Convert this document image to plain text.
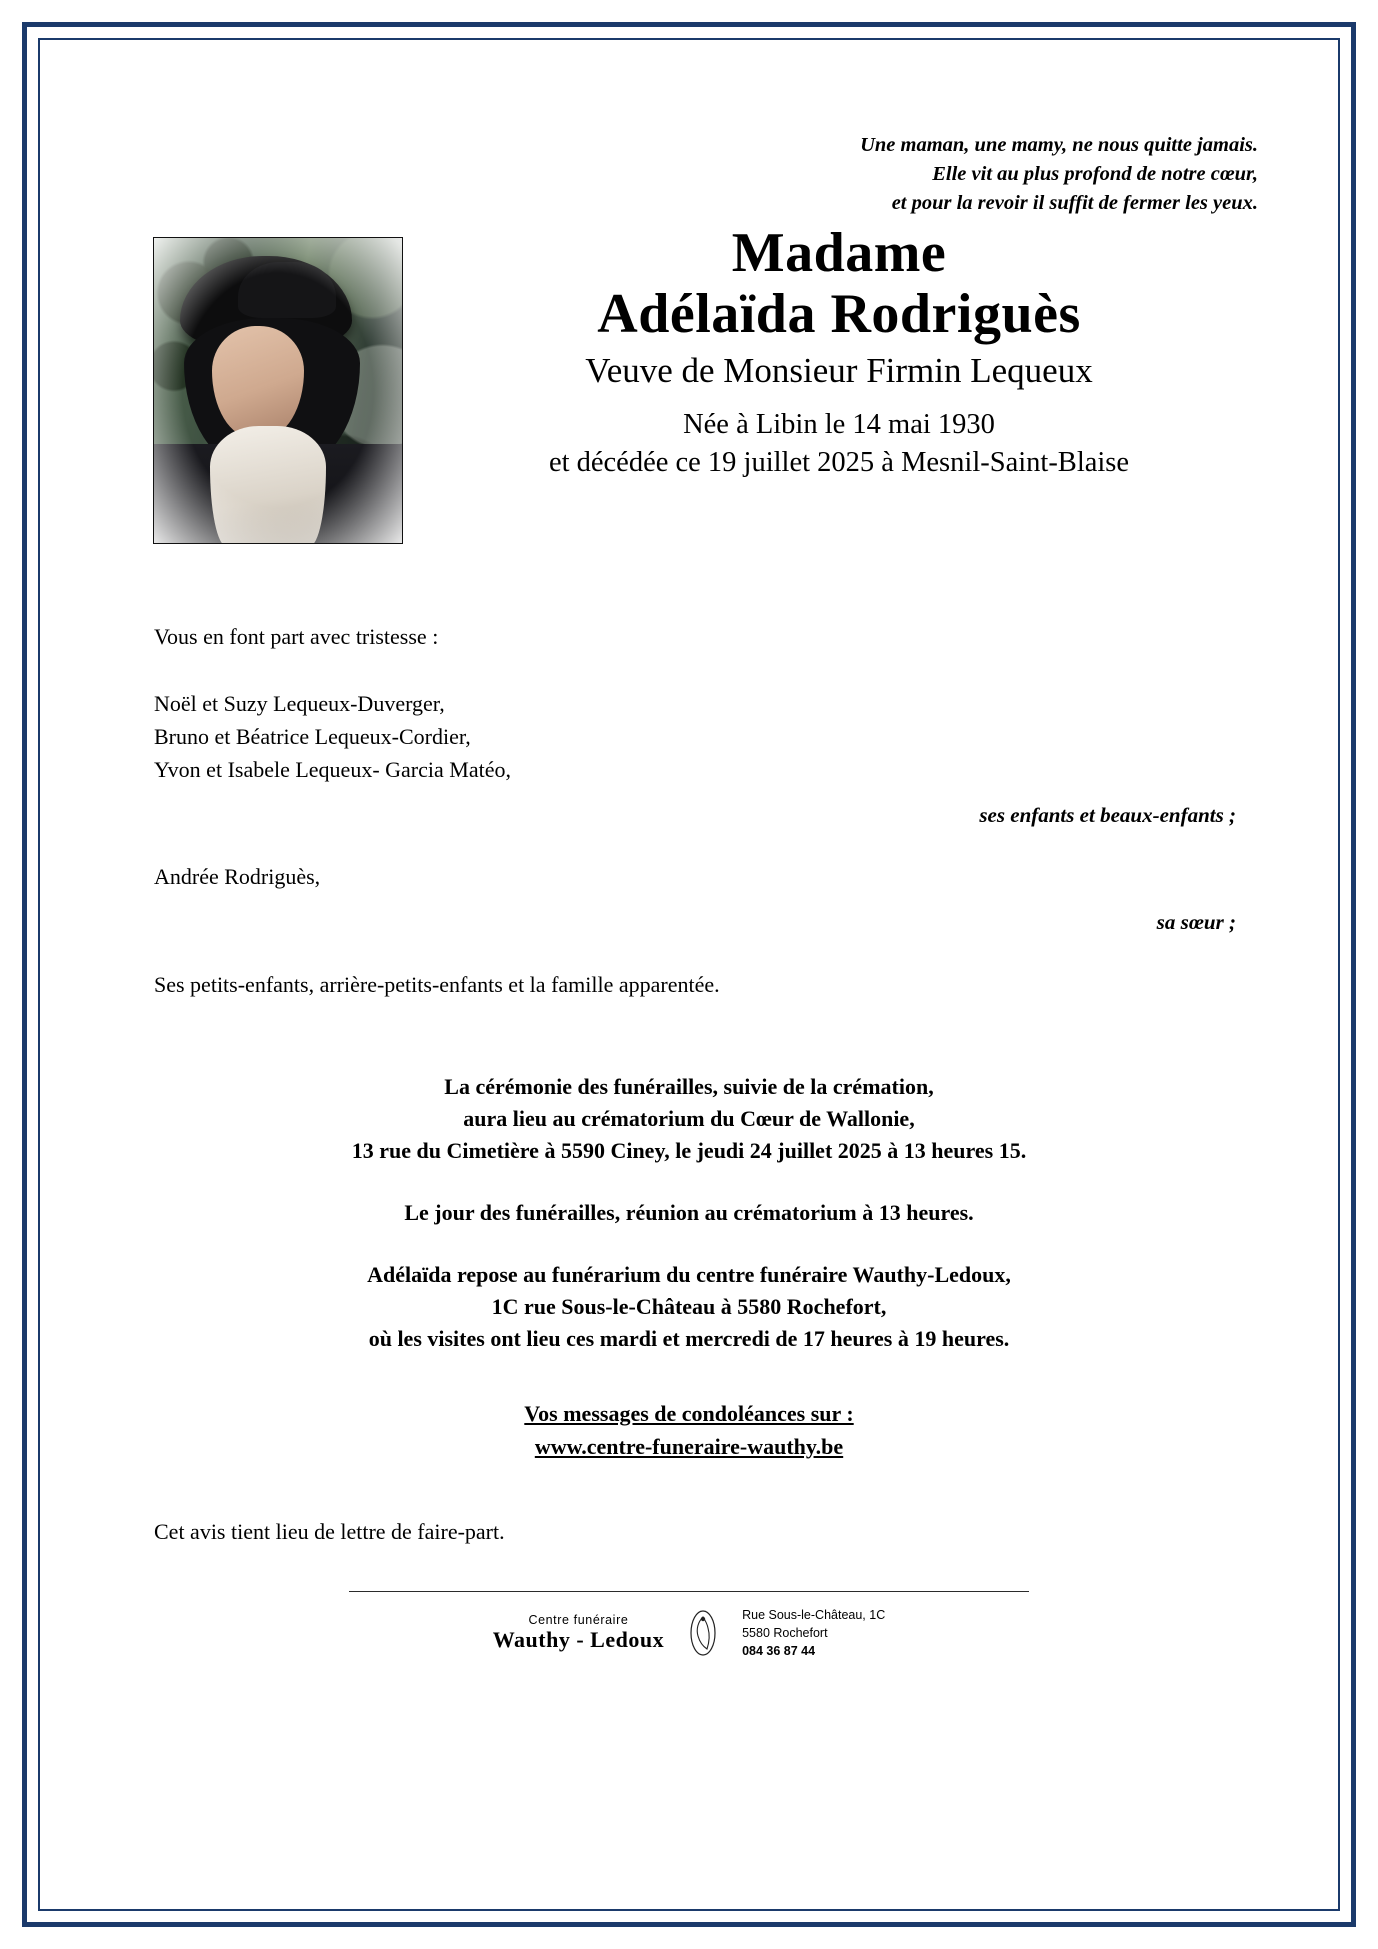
Une maman, une mamy, ne nous quitte jamais.
Elle vit au plus profond de notre cœur,
et pour la revoir il suffit de fermer les yeux.
Madame
Adélaïda Rodriguès
Veuve de Monsieur Firmin Lequeux
Née à Libin le 14 mai 1930
et décédée ce 19 juillet 2025 à Mesnil-Saint-Blaise
Vous en font part avec tristesse :
Noël et Suzy Lequeux-Duverger,
Bruno et Béatrice Lequeux-Cordier,
Yvon et Isabele Lequeux- Garcia Matéo,
ses enfants et beaux-enfants ;
Andrée Rodriguès,
sa sœur ;
Ses petits-enfants, arrière-petits-enfants et la famille apparentée.

La cérémonie des funérailles, suivie de la crémation,
aura lieu au crématorium du Cœur de Wallonie,
13 rue du Cimetière à 5590 Ciney, le jeudi 24 juillet 2025 à 13 heures 15.

Le jour des funérailles, réunion au crématorium à 13 heures.

Adélaïda repose au funérarium du centre funéraire Wauthy-Ledoux,
1C rue Sous-le-Château à 5580 Rochefort,
où les visites ont lieu ces mardi et mercredi de 17 heures à 19 heures.

Vos messages de condoléances sur :
www.centre-funeraire-wauthy.be
Cet avis tient lieu de lettre de faire-part.
Centre funéraire
Wauthy - Ledoux
Rue Sous-le-Château, 1C
5580 Rochefort
084 36 87 44
